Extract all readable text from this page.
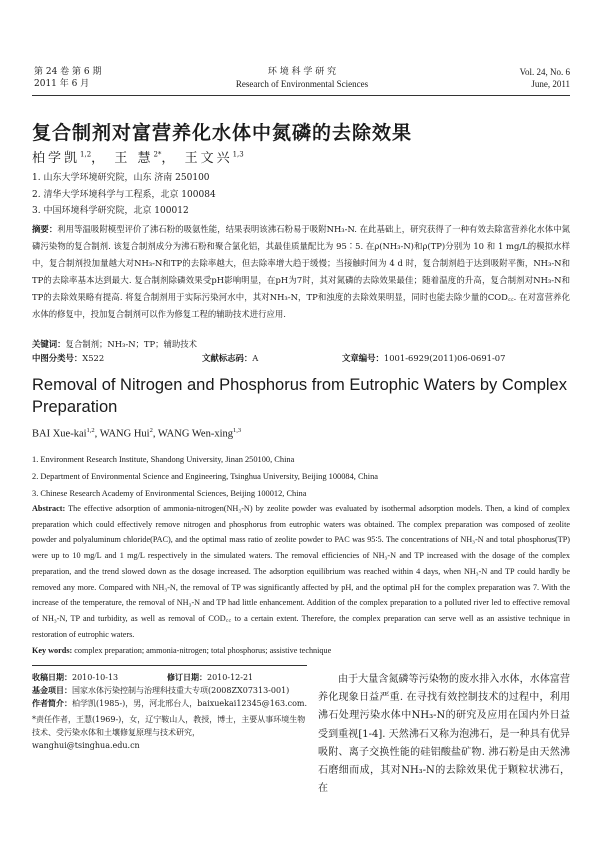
第 24 卷 第 6 期
2011 年 6 月
环 境 科 学 研 究
Research of Environmental Sciences
Vol. 24, No. 6
June, 2011
复合制剂对富营养化水体中氮磷的去除效果
柏学凯$^{1,2}$， 王 慧$^{2*}$， 王文兴$^{1,3}$
1. 山东大学环境研究院，山东 济南 250100
2. 清华大学环境科学与工程系，北京 100084
3. 中国环境科学研究院，北京 100012
摘要：利用等温吸附模型评价了沸石粉的吸氨性能，结果表明该沸石粉易于吸附NH₃-N. 在此基础上，研究获得了一种有效去除富营养化水体中氮磷污染物的复合制剂. 该复合制剂成分为沸石粉和聚合氯化铝，其最佳质量配比为 95∶5. 在ρ(NH₃-N)和ρ(TP)分别为 10 和 1 mg/L的模拟水样中，复合制剂投加量越大对NH₃-N和TP的去除率越大，但去除率增大趋于缓慢；当接触时间为 4 d 时，复合制剂趋于达到吸附平衡，NH₃-N和TP的去除率基本达到最大. 复合制剂除磷效果受pH影响明显，在pH为7时，其对氮磷的去除效果最佳；随着温度的升高，复合制剂对NH₃-N和TP的去除效果略有提高. 将复合制剂用于实际污染河水中，其对NH₃-N，TP和浊度的去除效果明显，同时也能去除少量的COD꜀꜀. 在对富营养化水体的修复中，投加复合制剂可以作为修复工程的辅助技术进行应用.
关键词：复合制剂；NH₃-N；TP；辅助技术
中图分类号：X522	文献标志码：A	文章编号：1001-6929(2011)06-0691-07
Removal of Nitrogen and Phosphorus from Eutrophic Waters by Complex Preparation
BAI Xue-kai$^{1,2}$, WANG Hui$^2$, WANG Wen-xing$^{1,3}$
1. Environment Research Institute, Shandong University, Jinan 250100, China
2. Department of Environmental Science and Engineering, Tsinghua University, Beijing 100084, China
3. Chinese Research Academy of Environmental Sciences, Beijing 100012, China
Abstract: The effective adsorption of ammonia-nitrogen(NH₃-N) by zeolite powder was evaluated by isothermal adsorption models. Then, a kind of complex preparation which could effectively remove nitrogen and phosphorus from eutrophic waters was obtained. The complex preparation was composed of zeolite powder and polyaluminum chloride(PAC), and the optimal mass ratio of zeolite powder to PAC was 95∶5. The concentrations of NH₃-N and total phosphorus(TP) were up to 10 mg/L and 1 mg/L respectively in the simulated waters. The removal efficiencies of NH₃-N and TP increased with the dosage of the complex preparation, and the trend slowed down as the dosage increased. The adsorption equilibrium was reached within 4 days, when NH₃-N and TP could hardly be removed any more. Compared with NH₃-N, the removal of TP was significantly affected by pH, and the optimal pH for the complex preparation was 7. With the increase of the temperature, the removal of NH₃-N and TP had little enhancement. Addition of the complex preparation to a polluted river led to effective removal of NH₃-N, TP and turbidity, as well as removal of COD꜀꜀ to a certain extent. Therefore, the complex preparation can serve well as an assistive technique in restoration of eutrophic waters.
Key words: complex preparation; ammonia-nitrogen; total phosphorus; assistive technique
收稿日期： 2010-10-13	修订日期： 2010-12-21
基金项目： 国家水体污染控制与治理科技重大专项(2008ZX07313-001)
作者简介： 柏学凯(1985-)，男，河北邢台人，baixuekai12345@163.com.
*责任作者，王慧(1969-)，女，辽宁鞍山人，教授，博士，主要从事环境生物技术、受污染水体和土壤修复原理与技术研究，wanghui@tsinghua.edu.cn
由于大量含氮磷等污染物的废水排入水体，水体富营养化现象日益严重. 在寻找有效控制技术的过程中，利用沸石处理污染水体中NH₃-N的研究及应用在国内外日益受到重视[1-4]. 天然沸石又称为泡沸石，是一种具有优异吸附、离子交换性能的硅铝酸盐矿物. 沸石粉是由天然沸石磨细而成，其对NH₃-N的去除效果优于颗粒状沸石，在
